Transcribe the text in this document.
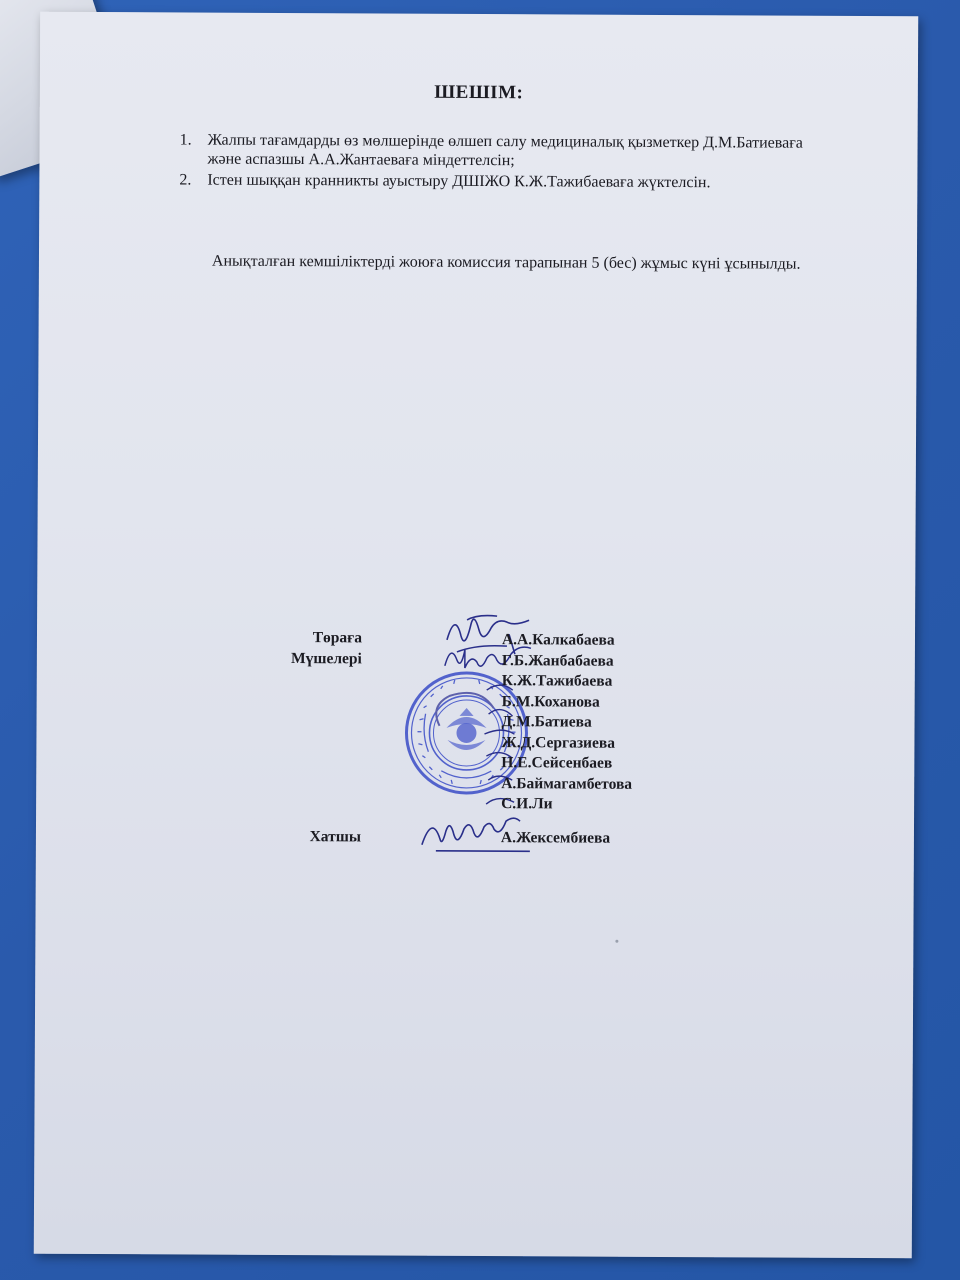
ШЕШІМ:
1. Жалпы тағамдарды өз мөлшерінде өлшеп салу медициналық қызметкер Д.М.Батиеваға
және аспазшы А.А.Жантаеваға міндеттелсін;
2. Істен шыққан кранникты ауыстыру ДШІЖО К.Ж.Тажибаеваға жүктелсін.
Анықталған кемшіліктерді жоюға комиссия тарапынан 5 (бес) жұмыс күні ұсынылды.
Төраға
Мүшелері
А.А.Калкабаева
Г.Б.Жанбабаева
К.Ж.Тажибаева
Б.М.Коханова
Д.М.Батиева
Ж.Д.Сергазиева
Н.Е.Сейсенбаев
А.Баймагамбетова
С.И.Ли
Хатшы	А.Жексембиева
